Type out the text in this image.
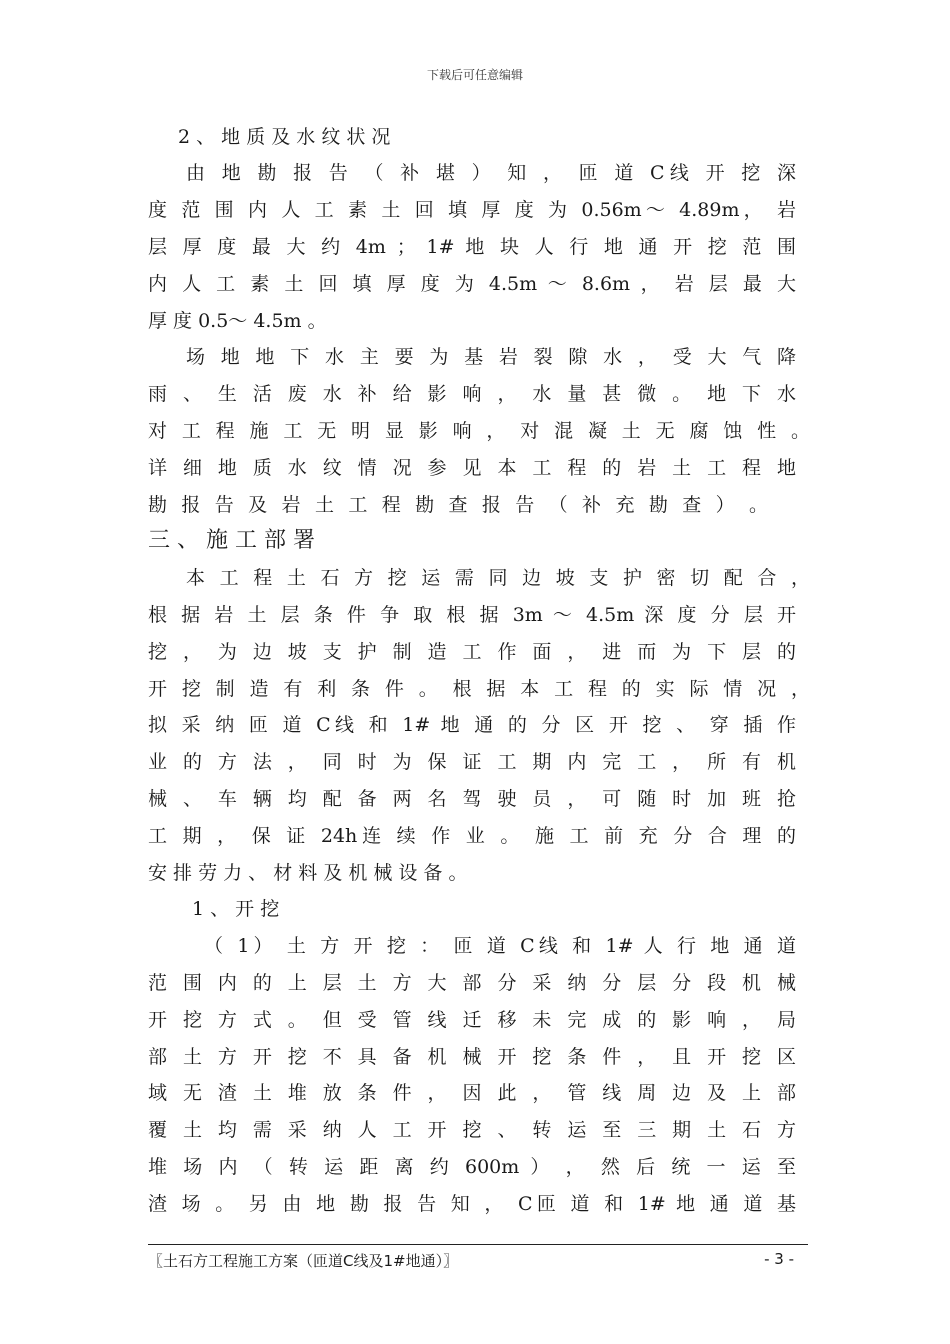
下载后可任意编辑
2 、 地 质 及 水 纹 状 况
由 地 勘 报 告 （ 补 堪 ） 知 ， 匝 道 C线 开 挖 深
度 范 围 内 人 工 素 土 回 填 厚 度 为 0.56m～ 4.89m， 岩
层 厚 度 最 大 约 4m ； 1# 地 块 人 行 地 通 开 挖 范 围
内 人 工 素 土 回 填 厚 度 为 4.5m ～ 8.6m ， 岩 层 最 大
厚 度 0.5～ 4.5m 。
场 地 地 下 水 主 要 为 基 岩 裂 隙 水 ， 受 大 气 降
雨 、 生 活 废 水 补 给 影 响 ， 水 量 甚 微 。 地 下 水
对 工 程 施 工 无 明 显 影 响 ， 对 混 凝 土 无 腐 蚀 性 。
详 细 地 质 水 纹 情 况 参 见 本 工 程 的 岩 土 工 程 地
勘 报 告 及 岩 土 工 程 勘 查 报 告 （ 补 充 勘 查 ） 。
三 、 施 工 部 署
本 工 程 土 石 方 挖 运 需 同 边 坡 支 护 密 切 配 合 ，
根 据 岩 土 层 条 件 争 取 根 据 3m ～ 4.5m 深 度 分 层 开
挖 ， 为 边 坡 支 护 制 造 工 作 面 ， 进 而 为 下 层 的
开 挖 制 造 有 利 条 件 。 根 据 本 工 程 的 实 际 情 况 ，
拟 采 纳 匝 道 C线 和 1# 地 通 的 分 区 开 挖 、 穿 插 作
业 的 方 法 ， 同 时 为 保 证 工 期 内 完 工 ， 所 有 机
械 、 车 辆 均 配 备 两 名 驾 驶 员 ， 可 随 时 加 班 抢
工 期 ， 保 证 24h连 续 作 业 。 施 工 前 充 分 合 理 的
安 排 劳 力 、 材 料 及 机 械 设 备 。
1 、 开 挖
（ 1） 土 方 开 挖 ： 匝 道 C线 和 1# 人 行 地 通 道
范 围 内 的 上 层 土 方 大 部 分 采 纳 分 层 分 段 机 械
开 挖 方 式 。 但 受 管 线 迁 移 未 完 成 的 影 响 ， 局
部 土 方 开 挖 不 具 备 机 械 开 挖 条 件 ， 且 开 挖 区
域 无 渣 土 堆 放 条 件 ， 因 此 ， 管 线 周 边 及 上 部
覆 土 均 需 采 纳 人 工 开 挖 、 转 运 至 三 期 土 石 方
堆 场 内 （ 转 运 距 离 约 600m ） ， 然 后 统 一 运 至
渣 场 。 另 由 地 勘 报 告 知 ， C匝 道 和 1# 地 通 道 基
〖土石方工程施工方案（匝道C线及1#地通）〗	- 3 -
